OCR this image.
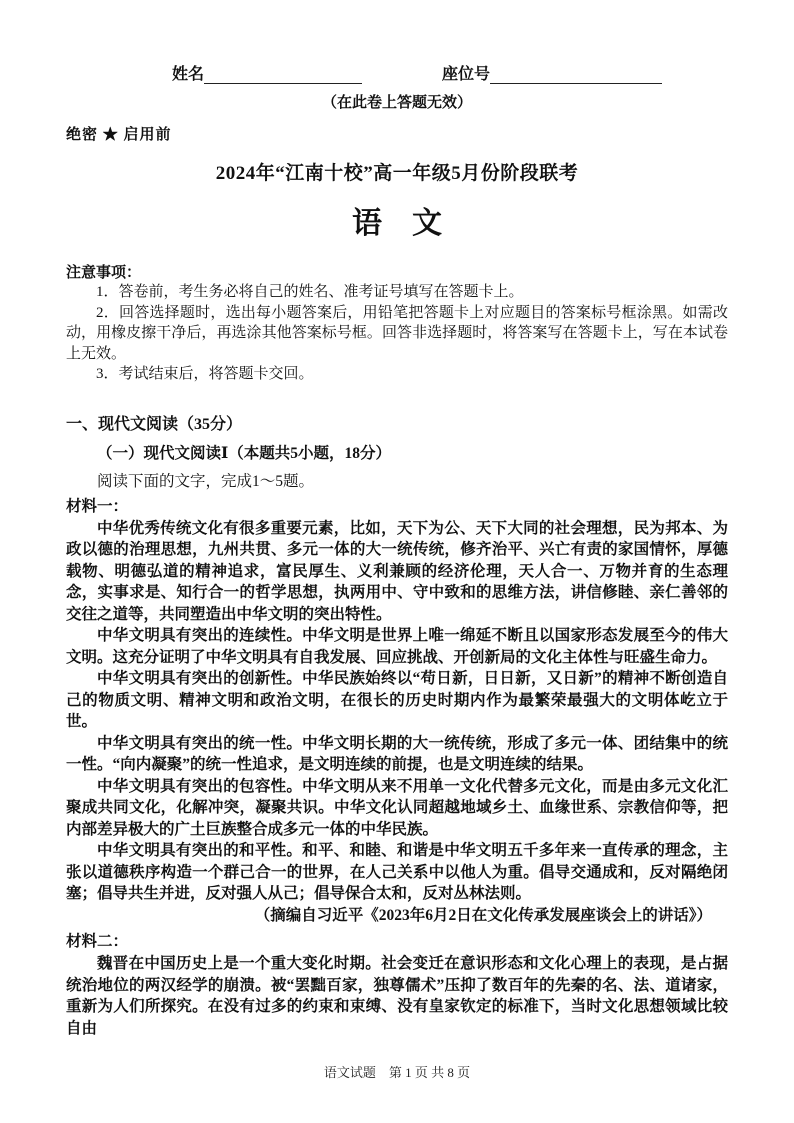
姓名	座位号
（在此卷上答题无效）
绝密 ★ 启用前
2024年“江南十校”高一年级5月份阶段联考
语　文
注意事项：

1．答卷前，考生务必将自己的姓名、准考证号填写在答题卡上。

2．回答选择题时，选出每小题答案后，用铅笔把答题卡上对应题目的答案标号框涂黑。如需改动，用橡皮擦干净后，再选涂其他答案标号框。回答非选择题时，将答案写在答题卡上，写在本试卷上无效。

3．考试结束后，将答题卡交回。

一、现代文阅读（35分）
（一）现代文阅读Ⅰ（本题共5小题，18分）

阅读下面的文字，完成1～5题。

材料一：

中华优秀传统文化有很多重要元素，比如，天下为公、天下大同的社会理想，民为邦本、为政以德的治理思想，九州共贯、多元一体的大一统传统，修齐治平、兴亡有责的家国情怀，厚德载物、明德弘道的精神追求，富民厚生、义利兼顾的经济伦理，天人合一、万物并育的生态理念，实事求是、知行合一的哲学思想，执两用中、守中致和的思维方法，讲信修睦、亲仁善邻的交往之道等，共同塑造出中华文明的突出特性。

中华文明具有突出的连续性。中华文明是世界上唯一绵延不断且以国家形态发展至今的伟大文明。这充分证明了中华文明具有自我发展、回应挑战、开创新局的文化主体性与旺盛生命力。

中华文明具有突出的创新性。中华民族始终以“苟日新，日日新，又日新”的精神不断创造自己的物质文明、精神文明和政治文明，在很长的历史时期内作为最繁荣最强大的文明体屹立于世。

中华文明具有突出的统一性。中华文明长期的大一统传统，形成了多元一体、团结集中的统一性。“向内凝聚”的统一性追求，是文明连续的前提，也是文明连续的结果。

中华文明具有突出的包容性。中华文明从来不用单一文化代替多元文化，而是由多元文化汇聚成共同文化，化解冲突，凝聚共识。中华文化认同超越地域乡土、血缘世系、宗教信仰等，把内部差异极大的广土巨族整合成多元一体的中华民族。

中华文明具有突出的和平性。和平、和睦、和谐是中华文明五千多年来一直传承的理念，主张以道德秩序构造一个群己合一的世界，在人己关系中以他人为重。倡导交通成和，反对隔绝闭塞；倡导共生并进，反对强人从己；倡导保合太和，反对丛林法则。

（摘编自习近平《2023年6月2日在文化传承发展座谈会上的讲话》）

材料二：

魏晋在中国历史上是一个重大变化时期。社会变迁在意识形态和文化心理上的表现，是占据统治地位的两汉经学的崩溃。被“罢黜百家，独尊儒术”压抑了数百年的先秦的名、法、道诸家，重新为人们所探究。在没有过多的约束和束缚、没有皇家钦定的标准下，当时文化思想领域比较自由

语文试题　第 1 页 共 8 页
